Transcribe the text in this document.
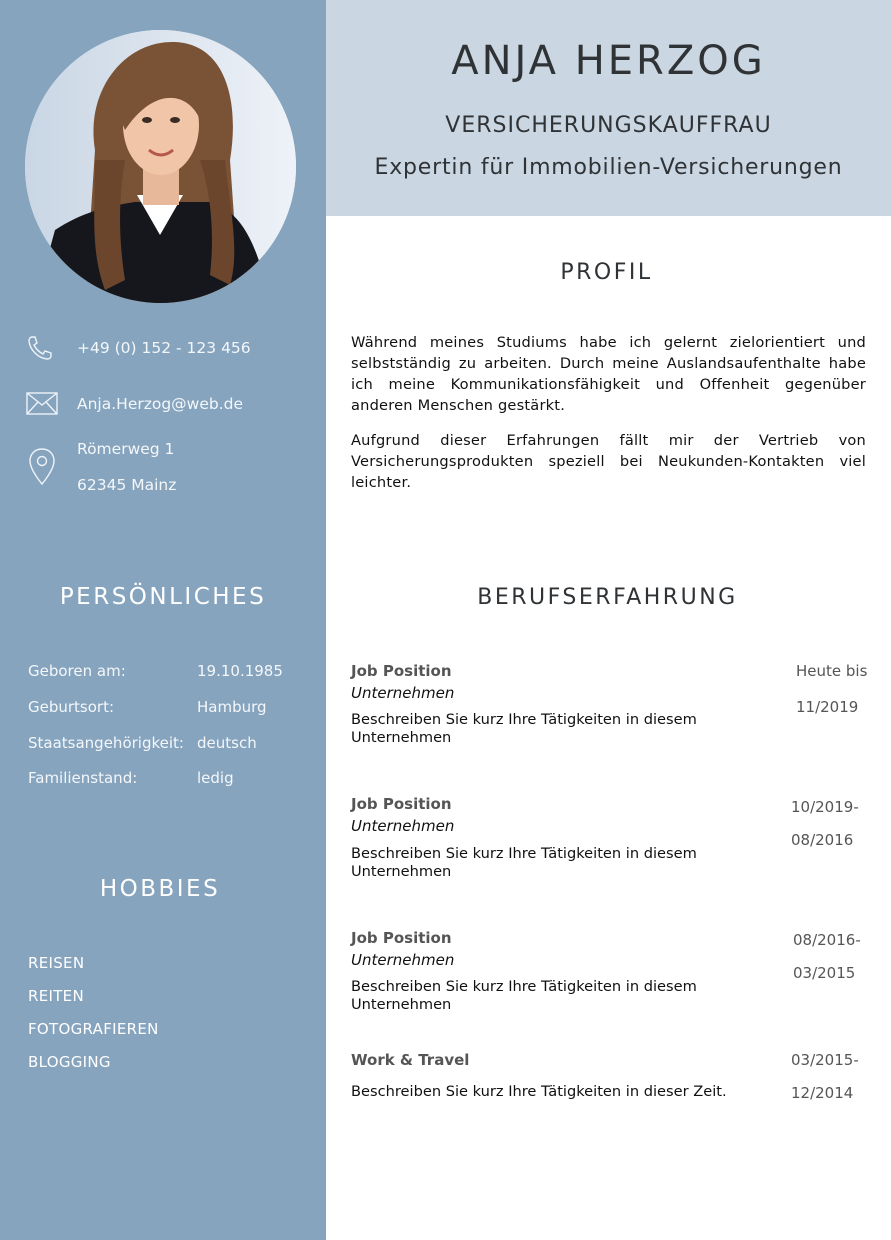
+49 (0) 152 - 123 456
Anja.Herzog@web.de
Römerweg 1
62345 Mainz
PERSÖNLICHES
Geboren am:	19.10.1985
Geburtsort:	Hamburg
Staatsangehörigkeit: deutsch
Familienstand:	ledig
HOBBIES
REISEN
REITEN
FOTOGRAFIEREN
BLOGGING
ANJA HERZOG
VERSICHERUNGSKAUFFRAU
Expertin für Immobilien-Versicherungen
PROFIL
Während meines Studiums habe ich gelernt zielorientiert und selbstständig zu arbeiten. Durch meine Auslandsaufenthalte habe ich meine Kommunikationsfähigkeit und Offenheit gegenüber anderen Menschen gestärkt.
Aufgrund dieser Erfahrungen fällt mir der Vertrieb von Versicherungsprodukten speziell bei Neukunden-Kontakten viel leichter.
BERUFSERFAHRUNG
Job Position
Unternehmen
Beschreiben Sie kurz Ihre Tätigkeiten in diesem Unternehmen
Heute bis
11/2019
Job Position
Unternehmen
Beschreiben Sie kurz Ihre Tätigkeiten in diesem Unternehmen
10/2019-
08/2016
Job Position
Unternehmen
Beschreiben Sie kurz Ihre Tätigkeiten in diesem Unternehmen
08/2016-
03/2015
Work & Travel
Beschreiben Sie kurz Ihre Tätigkeiten in dieser Zeit.
03/2015-
12/2014
